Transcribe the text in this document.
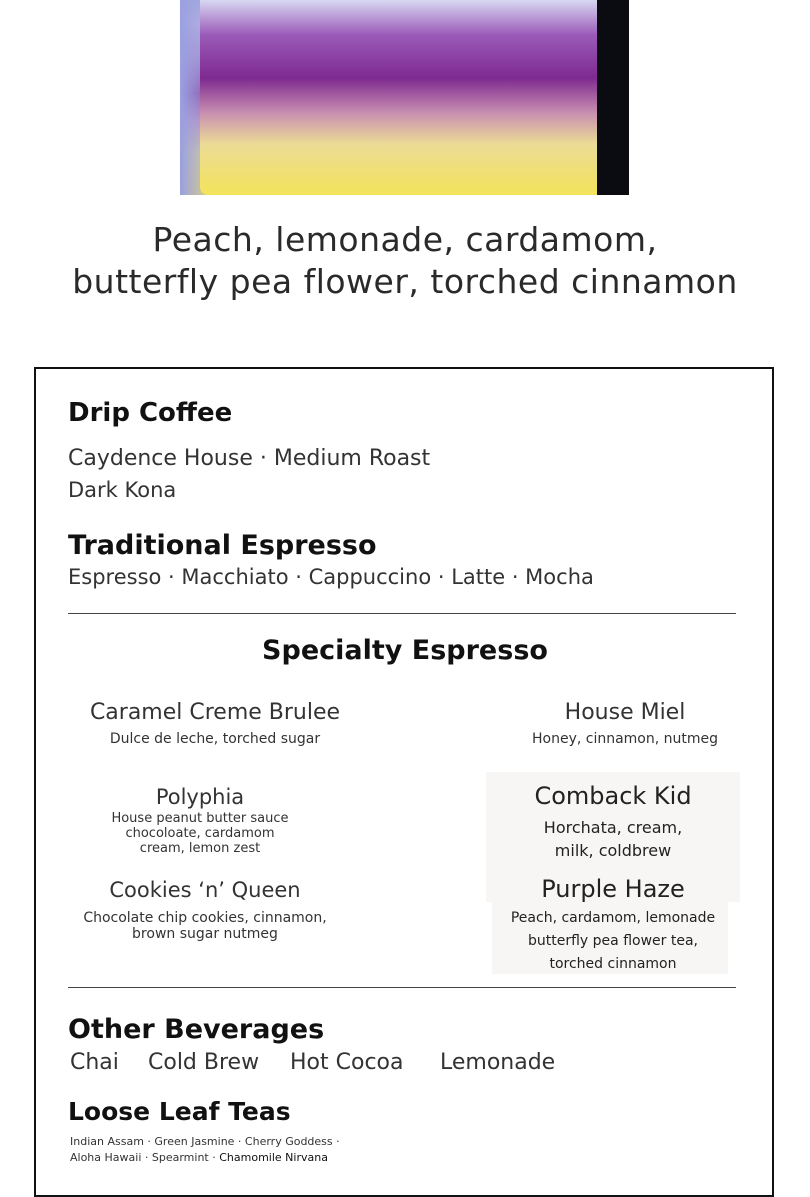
Peach, lemonade, cardamom,
butterfly pea flower, torched cinnamon
Drip Coffee
Caydence House · Medium Roast
Dark Kona
Traditional Espresso
Espresso · Macchiato · Cappuccino · Latte · Mocha
Specialty Espresso
Caramel Creme Brulee
Dulce de leche, torched sugar
House Miel
Honey, cinnamon, nutmeg
Polyphia
House peanut butter sauce
chocoloate, cardamom
cream, lemon zest
Comback Kid
Horchata, cream,
milk, coldbrew
Cookies ‘n’ Queen
Chocolate chip cookies, cinnamon,
brown sugar nutmeg
Purple Haze
Peach, cardamom, lemonade
butterfly pea flower tea,
torched cinnamon
Other Beverages
Chai Cold Brew Hot Cocoa Lemonade
Loose Leaf Teas
Indian Assam · Green Jasmine · Cherry Goddess ·
Aloha Hawaii · Spearmint · Chamomile Nirvana
